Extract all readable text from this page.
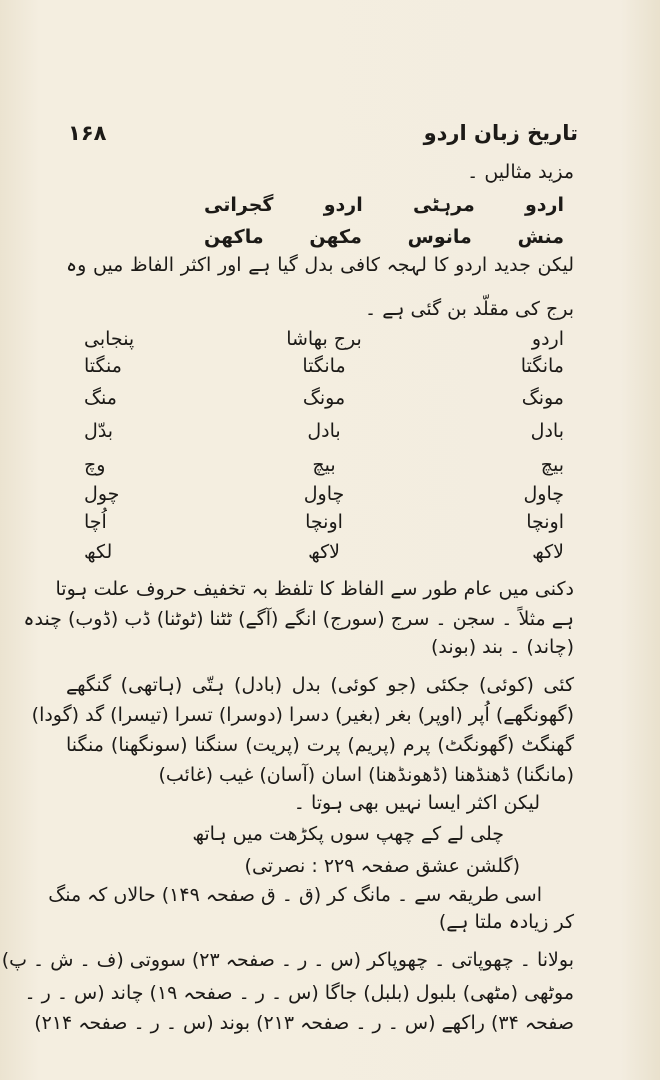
۱۶۸	تاریخ زبان اردو
مزید مثالیں ۔
اردو
مرہٹی
اردو
گجراتی
منش
مانوس
مکھن
ماکھن
لیکن جدید اردو کا لہجہ کافی بدل گیا ہے اور اکثر الفاظ میں وہ
برج کی مقلّد بن گئی ہے ۔
اردو
برج بھاشا
پنجابی
مانگتا
مانگتا
منگتا
مونگ
مونگ
منگ
بادل
بادل
بدّل
بیچ
بیچ
وچ
چاول
چاول
چول
اونچا
اونچا
اُچا
لاکھ
لاکھ
لکھ
دکنی میں عام طور سے الفاظ کا تلفظ بہ تخفیف حروف علت ہوتا
ہے مثلاً ۔ سجن ۔ سرج (سورج) انگے (آگے) ٹٹنا (ٹوٹنا) ڈب (ڈوب) چندہ
(چاند) ۔ بند (بوند)
کئی (کوئی) جکئی (جو کوئی) بدل (بادل) ہتّی (ہاتھی) گنگھے
(گھونگھے) اُپر (اوپر) بغر (بغیر) دسرا (دوسرا) تسرا (تیسرا) گد (گودا)
گھنگٹ (گھونگٹ) پرم (پریم) پرت (پریت) سنگنا (سونگھنا) منگنا
(مانگنا) ڈھنڈھنا (ڈھونڈھنا) اسان (آسان) غیب (غائب)
لیکن اکثر ایسا نہیں بھی ہوتا ۔
چلی لے کے چھپ سوں پکڑھت میں ہاتھ
(گلشن عشق صفحہ ۲۲۹ : نصرتی)
اسی طریقہ سے ۔ مانگ کر (ق ۔ ق صفحہ ۱۴۹) حالاں کہ منگ
کر زیادہ ملتا ہے)
بولانا ۔ چھوپاتی ۔ چھوپاکر (س ۔ ر ۔ صفحہ ۲۳) سووتی (ف ۔ ش ۔ پ)
موٹھی (مٹھی) بلبول (بلبل) جاگا (س ۔ ر ۔ صفحہ ۱۹) چاند (س ۔ ر ۔
صفحہ ۳۴) راکھے (س ۔ ر ۔ صفحہ ۲۱۳) بوند (س ۔ ر ۔ صفحہ ۲۱۴)
